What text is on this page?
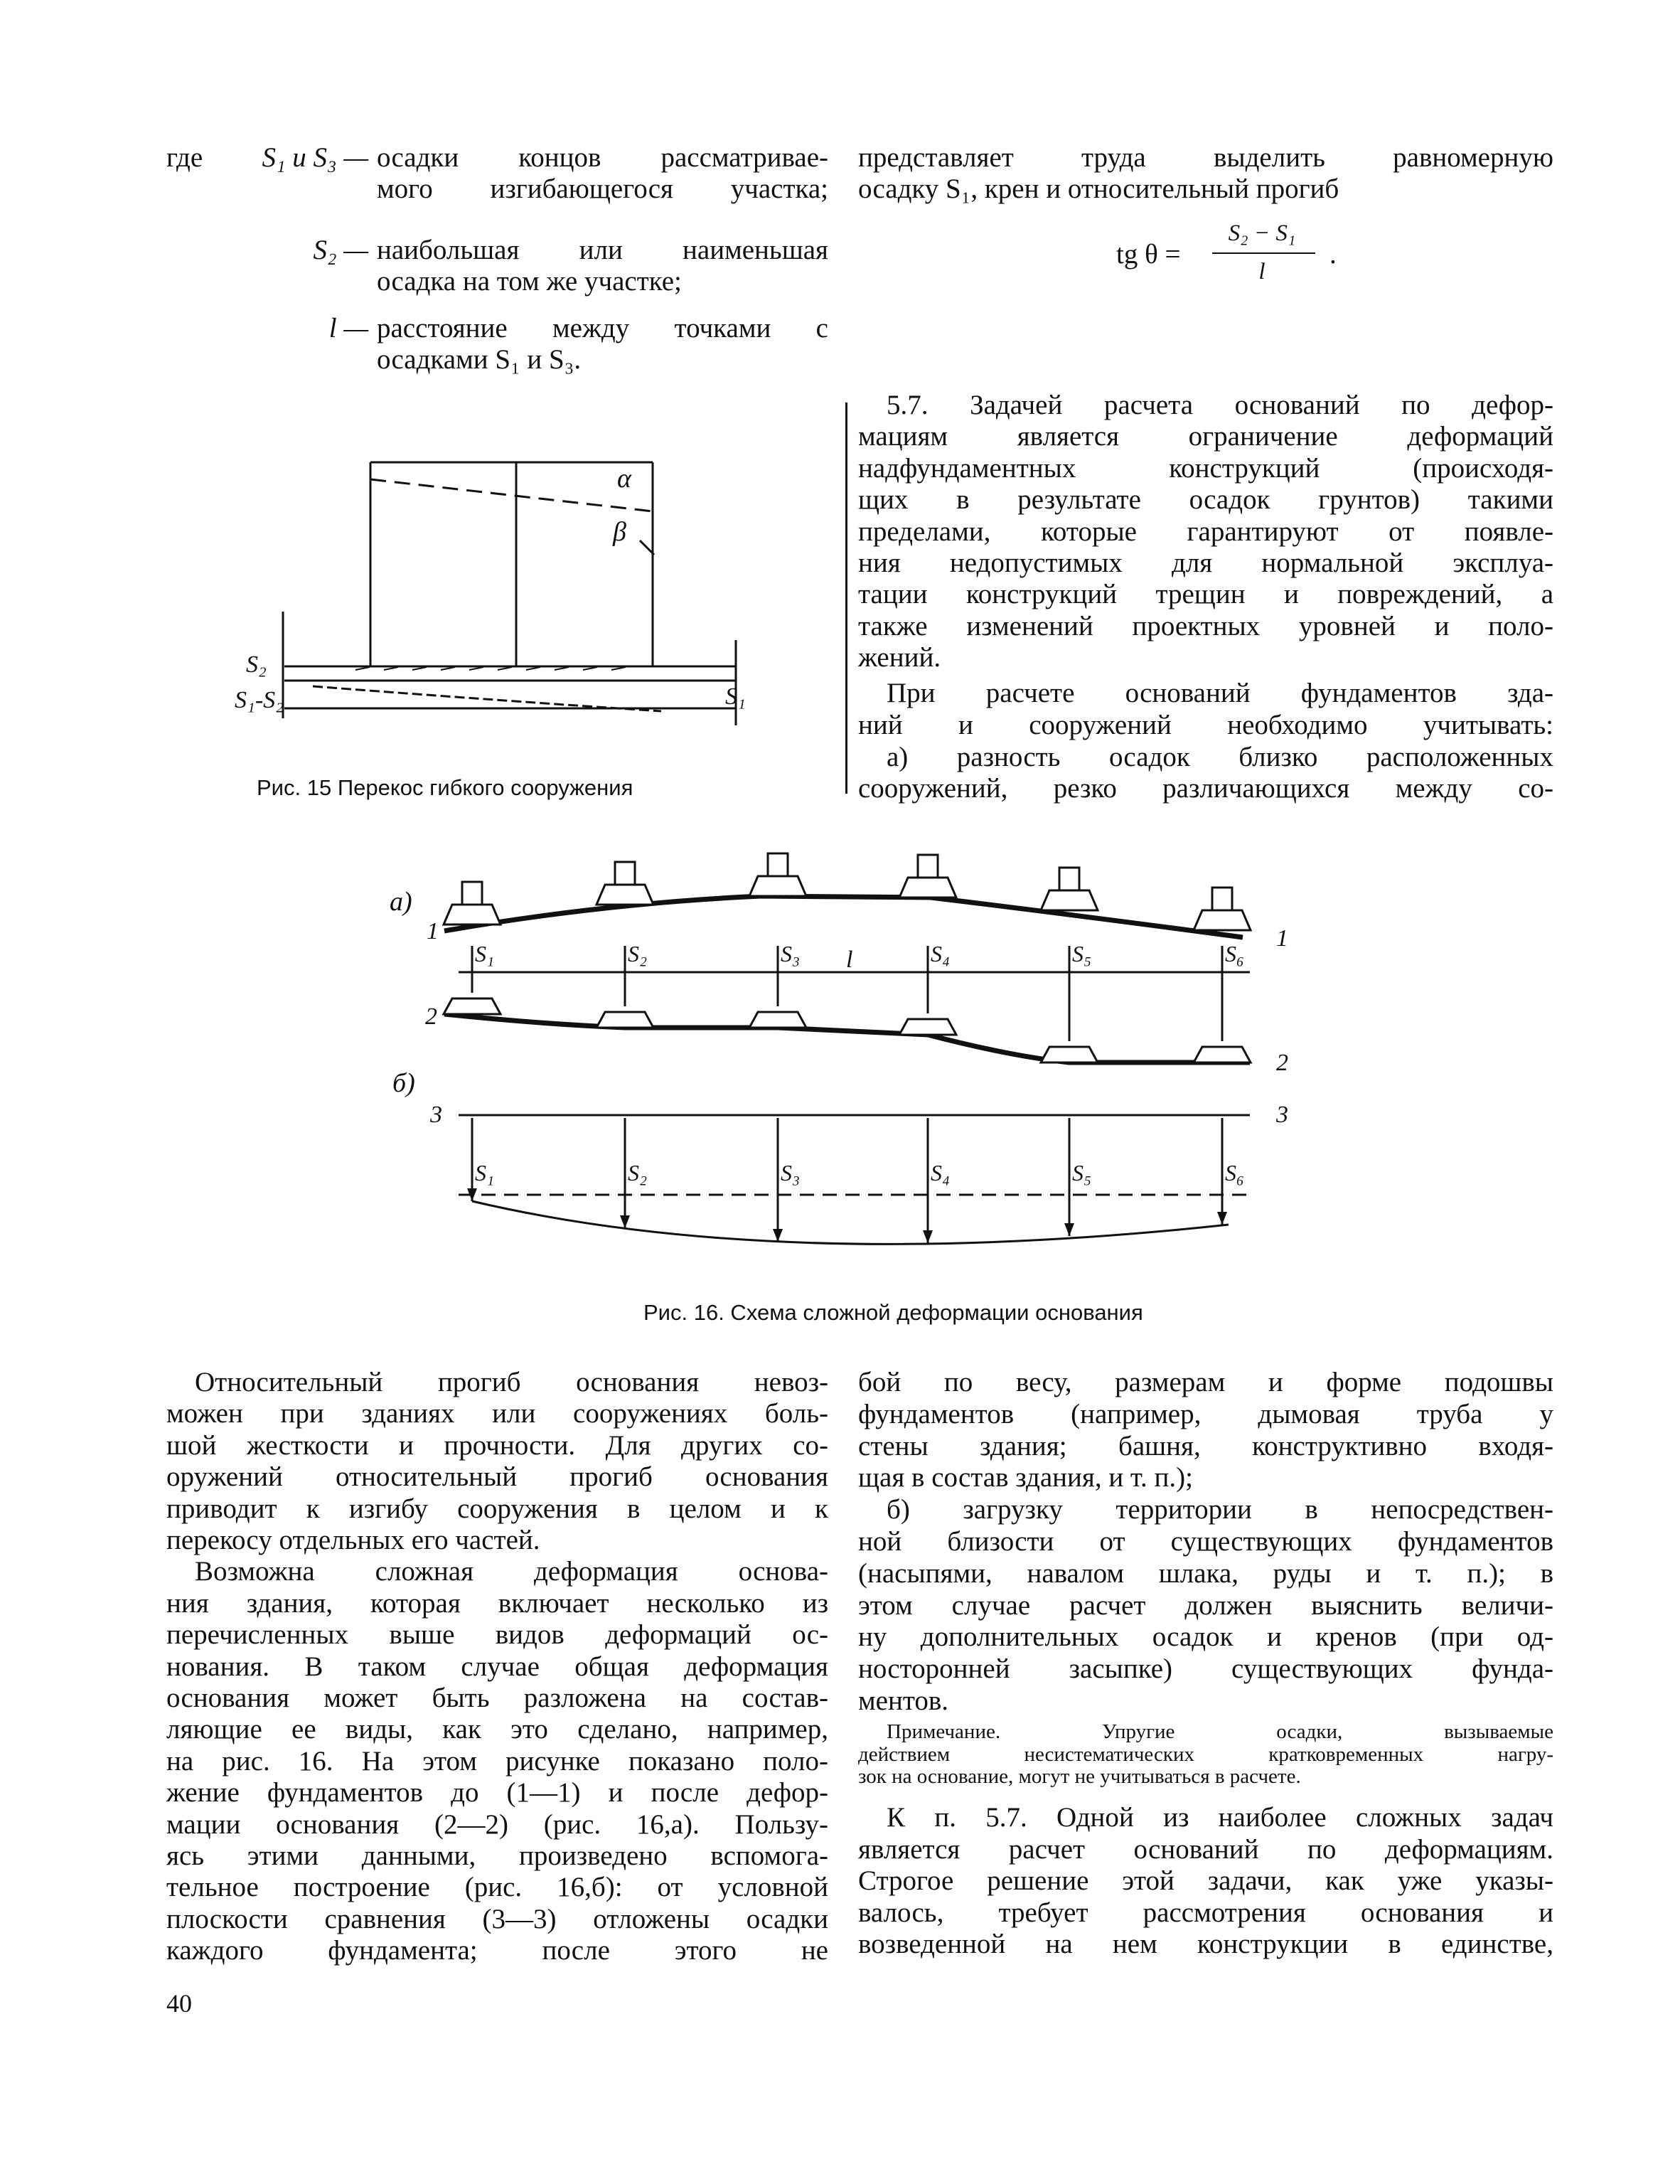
где S₁ и S₃ — осадки концов рассматривае-
мого изгибающегося участка;
S₂ — наибольшая или наименьшая
осадка на том же участке;
l — расстояние между точками с
осадками S₁ и S₃.
представляет труда выделить равномерную
осадку S₁, крен и относительный прогиб
tg θ =
S₂ − S₁
l
.
α
β
S₂
S₁-S₂	S₁
Рис. 15 Перекос гибкого сооружения
S₁
S₁
S₂
S₂
S₃
S₃
S₄
S₄
S₅
S₅
S₆
S₆
а)
б)
1	1
2
2
3	3
l
Рис. 16. Схема сложной деформации основания
5.7. Задачей расчета оснований по дефор-
мациям является ограничение деформаций
надфундаментных конструкций (происходя-
щих в результате осадок грунтов) такими
пределами, которые гарантируют от появле-
ния недопустимых для нормальной эксплуа-
тации конструкций трещин и повреждений, а
также изменений проектных уровней и поло-
жений.
При расчете оснований фундаментов зда-
ний и сооружений необходимо учитывать:
а) разность осадок близко расположенных
сооружений, резко различающихся между со-
Относительный прогиб основания невоз-
можен при зданиях или сооружениях боль-
шой жесткости и прочности. Для других со-
оружений относительный прогиб основания
приводит к изгибу сооружения в целом и к
перекосу отдельных его частей.
Возможна сложная деформация основа-
ния здания, которая включает несколько из
перечисленных выше видов деформаций ос-
нования. В таком случае общая деформация
основания может быть разложена на состав-
ляющие ее виды, как это сделано, например,
на рис. 16. На этом рисунке показано поло-
жение фундаментов до (1—1) и после дефор-
мации основания (2—2) (рис. 16,а). Пользу-
ясь этими данными, произведено вспомога-
тельное построение (рис. 16,б): от условной
плоскости сравнения (3—3) отложены осадки
каждого фундамента; после этого не
бой по весу, размерам и форме подошвы
фундаментов (например, дымовая труба у
стены здания; башня, конструктивно входя-
щая в состав здания, и т. п.);
б) загрузку территории в непосредствен-
ной близости от существующих фундаментов
(насыпями, навалом шлака, руды и т. п.); в
этом случае расчет должен выяснить величи-
ну дополнительных осадок и кренов (при од-
носторонней засыпке) существующих фунда-
ментов.
Примечание. Упругие осадки, вызываемые
действием несистематических кратковременных нагру-
зок на основание, могут не учитываться в расчете.
К п. 5.7. Одной из наиболее сложных задач
является расчет оснований по деформациям.
Строгое решение этой задачи, как уже указы-
валось, требует рассмотрения основания и
возведенной на нем конструкции в единстве,
40
